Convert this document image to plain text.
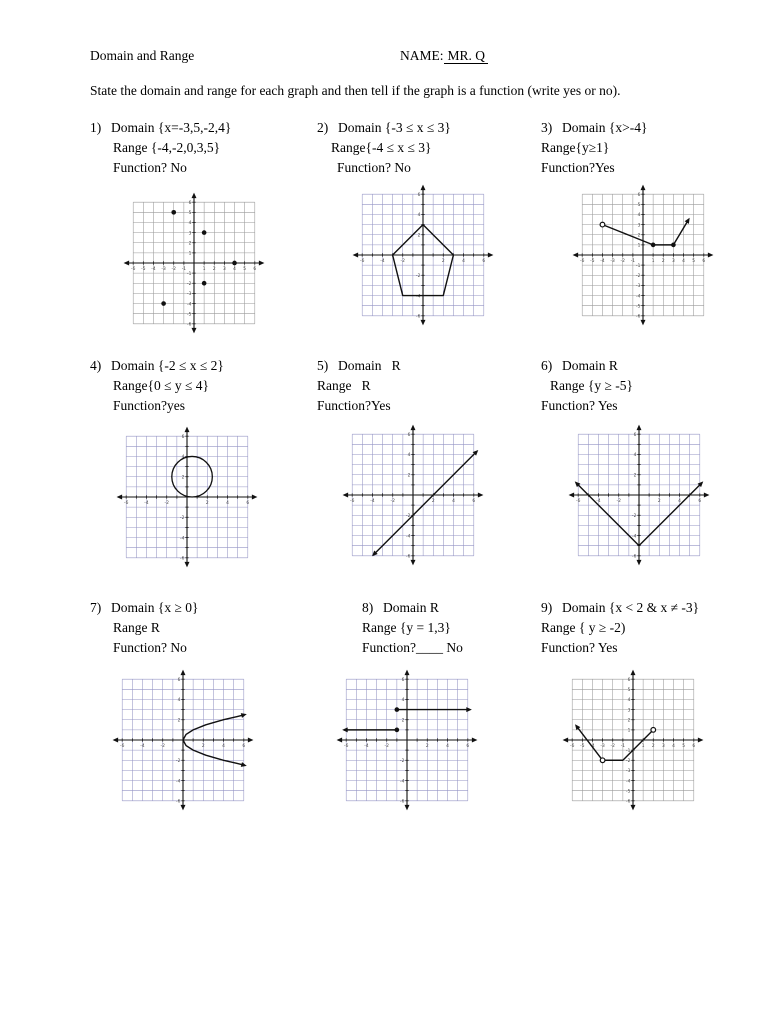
Domain and Range	NAME: MR. Q
State the domain and range for each graph and then tell if the graph is a function (write yes or no).
1) Domain {x=-3,5,-2,4}
Range {-4,-2,0,3,5}
Function? No
2) Domain {-3 ≤ x ≤ 3}
Range{-4 ≤ x ≤ 3}
Function? No
3) Domain {x>-4}
Range{y≥1}
Function?Yes
-6
-6
-5
-5
-4
-4
-3
-3
-2
-2
-1
-1
1
1
2
2
3
3
4
4
5
5
6
6
-6
-6
-4
-4
-2
-2
2
2
4
4
6
6
-6
-6
-5
-5
-4
-4
-3
-3
-2
-2
-1
-1
1
1
2
2
3
3
4
4
5
5
6
6
4) Domain {-2 ≤ x ≤ 2}
Range{0 ≤ y ≤ 4}
Function?yes
5) Domain   R
Range   R
Function?Yes
6) Domain R
Range {y ≥ -5}
Function? Yes
-6
-6
-4
-4
-2
-2
2
2
4
4
6
6
-6
-6
-4
-4
-2
-2
2
2
4
4
6
6
-6
-6
-4
-4
-2
-2
2
2
4
4
6
6
7) Domain {x ≥ 0}
Range R
Function? No
8) Domain R
Range {y = 1,3}
Function?____ No
9) Domain {x < 2 & x ≠ -3}
Range { y ≥ -2)
Function? Yes
-6
-6
-4
-4
-2
-2
2
2
4
4
6
6
-6
-6
-4
-4
-2
-2
2
2
4
4
6
6
-6
-6
-5
-5
-4
-4
-3
-3
-2
-2
-1
-1
1
1
2
2
3
3
4
4
5
5
6
6
